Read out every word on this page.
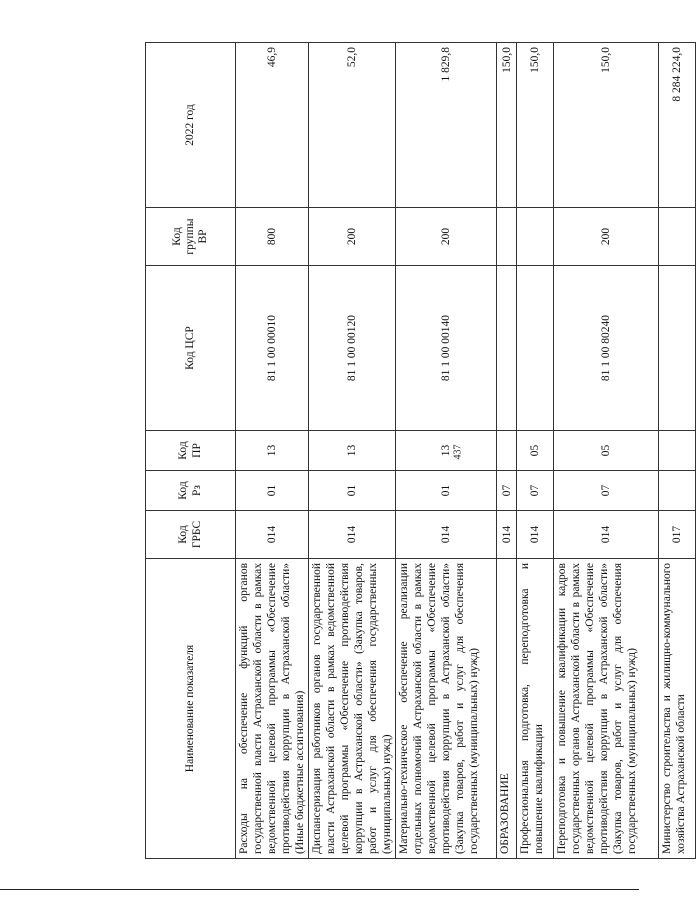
437
Наименование показателя	Код ГРБС	Код Рз	Код ПР	Код ЦСР	Код группы ВР	2022 год
Расходы на обеспечение функций органов государственной власти Астраханской области в рамках ведомственной целевой программы «Обеспечение противодействия коррупции в Астраханской области» (Иные бюджетные ассигнования)	014	01	13	81 1 00 00010	800	46,9
Диспансеризация работников органов государственной власти Астраханской области в рамках ведомственной целевой программы «Обеспечение противодействия коррупции в Астраханской области» (Закупка товаров, работ и услуг для обеспечения государственных (муниципальных) нужд)	014	01	13	81 1 00 00120	200	52,0
Материально-техническое обеспечение реализации отдельных полномочий Астраханской области в рамках ведомственной целевой программы «Обеспечение противодействия коррупции в Астраханской области» (Закупка товаров, работ и услуг для обеспечения государственных (муниципальных) нужд)	014	01	13	81 1 00 00140	200	1 829,8
ОБРАЗОВАНИЕ	014	07				150,0
Профессиональная подготовка, переподготовка и повышение квалификации	014	07	05			150,0
Переподготовка и повышение квалификации кадров государственных органов Астраханской области в рамках ведомственной целевой программы «Обеспечение противодействия коррупции в Астраханской области» (Закупка товаров, работ и услуг для обеспечения государственных (муниципальных) нужд)	014	07	05	81 1 00 80240	200	150,0
Министерство строительства и жилищно-коммунального хозяйства Астраханской области	017					8 284 224,0
